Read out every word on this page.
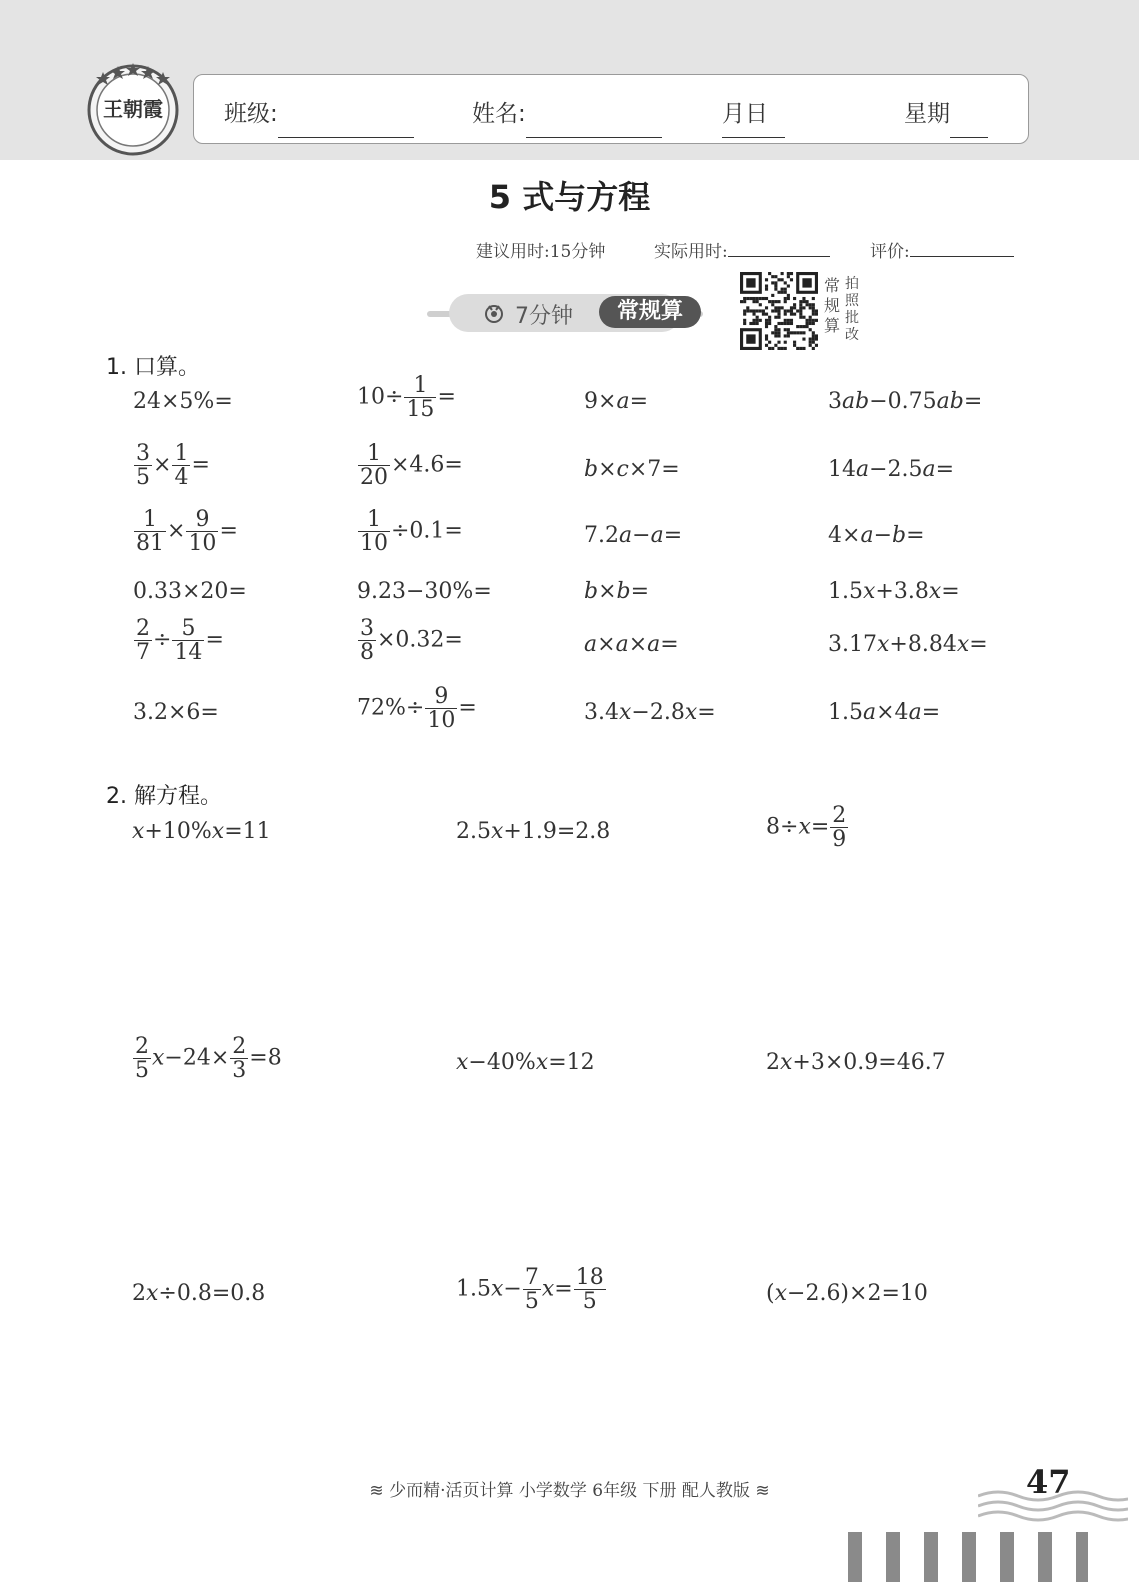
王朝霞	班级:	姓名:	月
日	星期
5 式与方程
建议用时:15分钟	实际用时:	评价:
7分钟	常规算
常规算
拍照批改
1. 口算。
24×5%=	$10\div \frac{1}{15}$ =	9×a=	3ab−0.75ab=
$\frac{3}{5} \times \frac{1}{4}$ =	$\frac{1}{20} \times 4.6=$	b×c×7=	14a−2.5a=
$\frac{1}{81} \times \frac{9}{10}$ =	$\frac{1}{10} \div 0.1=$	7.2a−a=	4×a−b=
0.33×20=	9.23−30%=	b×b=	1.5x+3.8x=
$\frac{2}{7} \div \frac{5}{14}$ =	$\frac{3}{8} \times 0.32=$	a×a×a=	3.17x+8.84x=
3.2×6=	$72\%\div \frac{9}{10}$ =	3.4x−2.8x=	1.5a×4a=
2. 解方程。
x+10%x=11	2.5x+1.9=2.8	$8\div x= \frac{2}{9}$
$\frac{2}{5} x-24\times \frac{2}{3} =8$	x−40%x=12	2x+3×0.9=46.7
2x÷0.8=0.8	$1.5x- \frac{7}{5} x= \frac{18}{5}$	(x−2.6)×2=10
≋ 少而精·活页计算 小学数学 6年级 下册 配人教版 ≋	47
